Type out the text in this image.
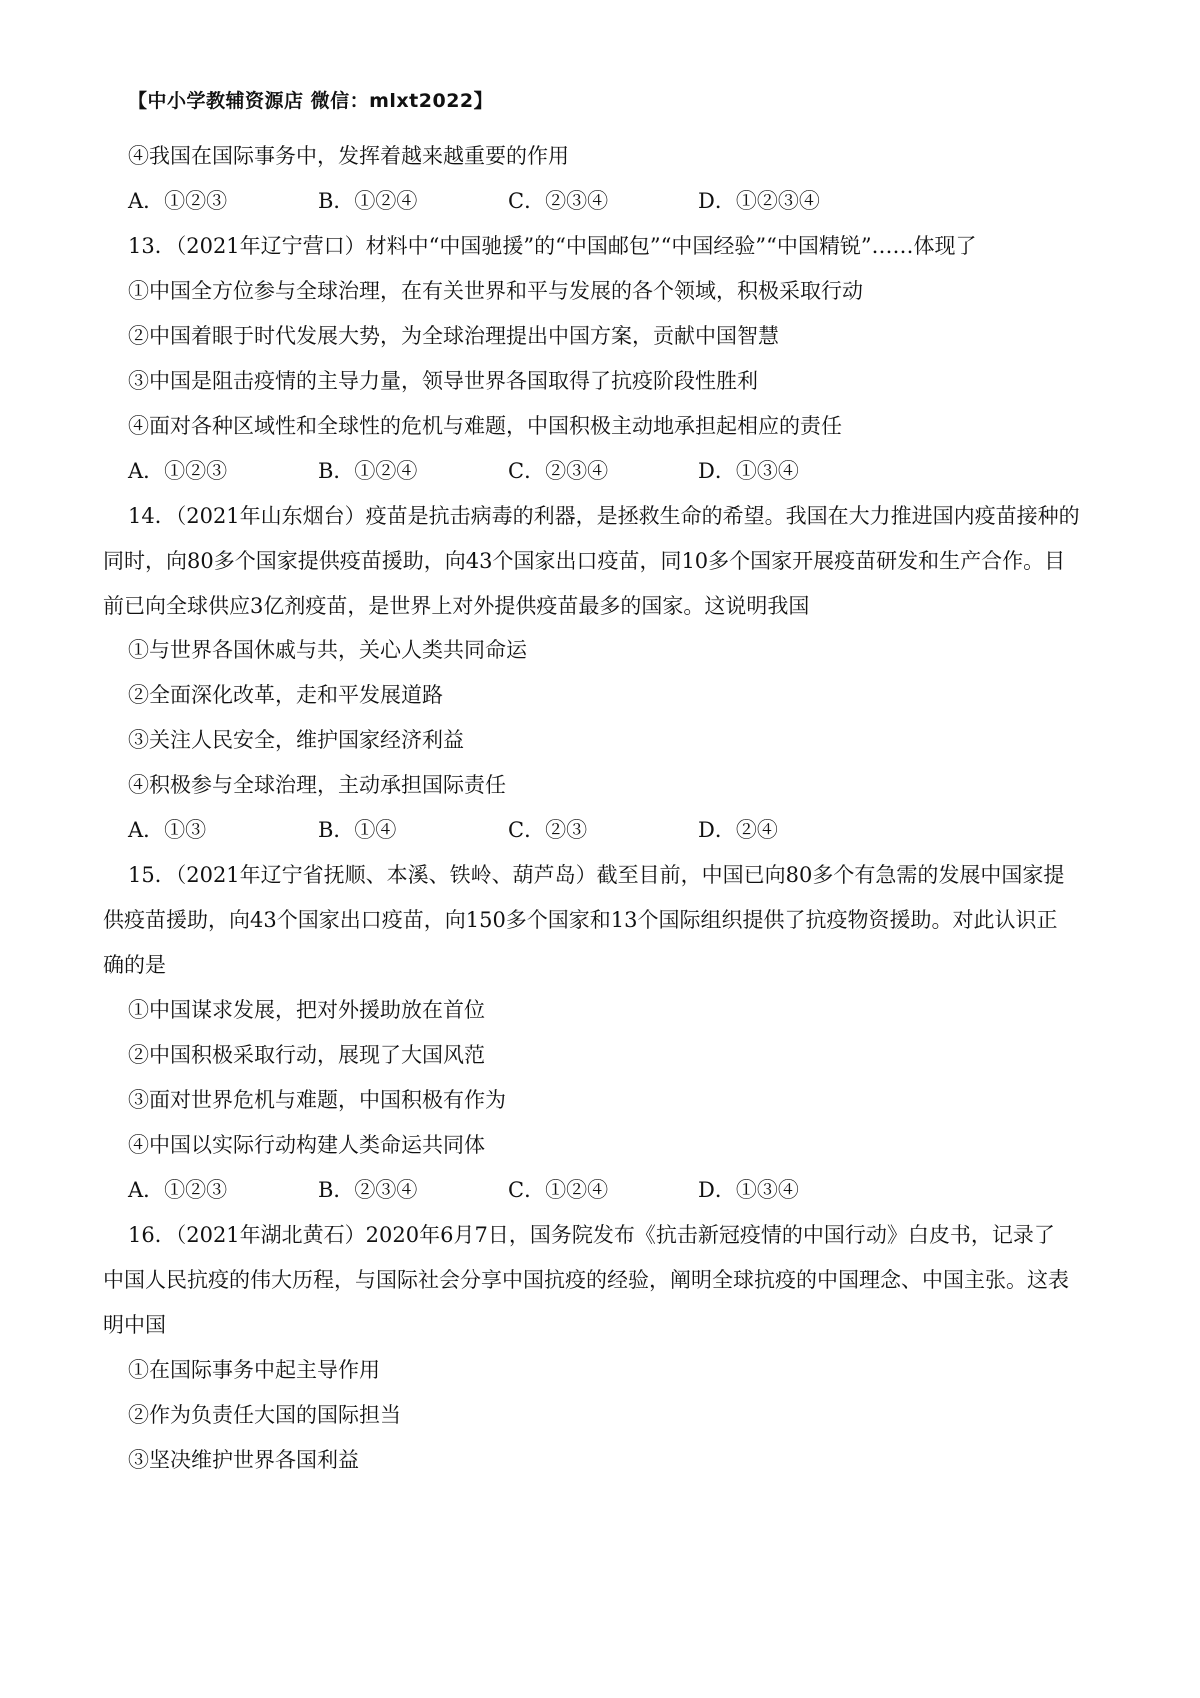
【中小学教辅资源店 微信：mlxt2022】
④我国在国际事务中，发挥着越来越重要的作用
A．①②③	B．①②④	C．②③④	D．①②③④
13．（2021年辽宁营口）材料中“中国驰援”的“中国邮包”“中国经验”“中国精锐”……体现了
①中国全方位参与全球治理，在有关世界和平与发展的各个领域，积极采取行动
②中国着眼于时代发展大势，为全球治理提出中国方案，贡献中国智慧
③中国是阻击疫情的主导力量，领导世界各国取得了抗疫阶段性胜利
④面对各种区域性和全球性的危机与难题，中国积极主动地承担起相应的责任
A．①②③	B．①②④	C．②③④	D．①③④
14．（2021年山东烟台）疫苗是抗击病毒的利器，是拯救生命的希望。我国在大力推进国内疫苗接种的
同时，向80多个国家提供疫苗援助，向43个国家出口疫苗，同10多个国家开展疫苗研发和生产合作。目
前已向全球供应3亿剂疫苗，是世界上对外提供疫苗最多的国家。这说明我国
①与世界各国休戚与共，关心人类共同命运
②全面深化改革，走和平发展道路
③关注人民安全，维护国家经济利益
④积极参与全球治理，主动承担国际责任
A．①③	B．①④	C．②③	D．②④
15．（2021年辽宁省抚顺、本溪、铁岭、葫芦岛）截至目前，中国已向80多个有急需的发展中国家提
供疫苗援助，向43个国家出口疫苗，向150多个国家和13个国际组织提供了抗疫物资援助。对此认识正
确的是
①中国谋求发展，把对外援助放在首位
②中国积极采取行动，展现了大国风范
③面对世界危机与难题，中国积极有作为
④中国以实际行动构建人类命运共同体
A．①②③	B．②③④	C．①②④	D．①③④
16．（2021年湖北黄石）2020年6月7日，国务院发布《抗击新冠疫情的中国行动》白皮书，记录了
中国人民抗疫的伟大历程，与国际社会分享中国抗疫的经验，阐明全球抗疫的中国理念、中国主张。这表
明中国
①在国际事务中起主导作用
②作为负责任大国的国际担当
③坚决维护世界各国利益
